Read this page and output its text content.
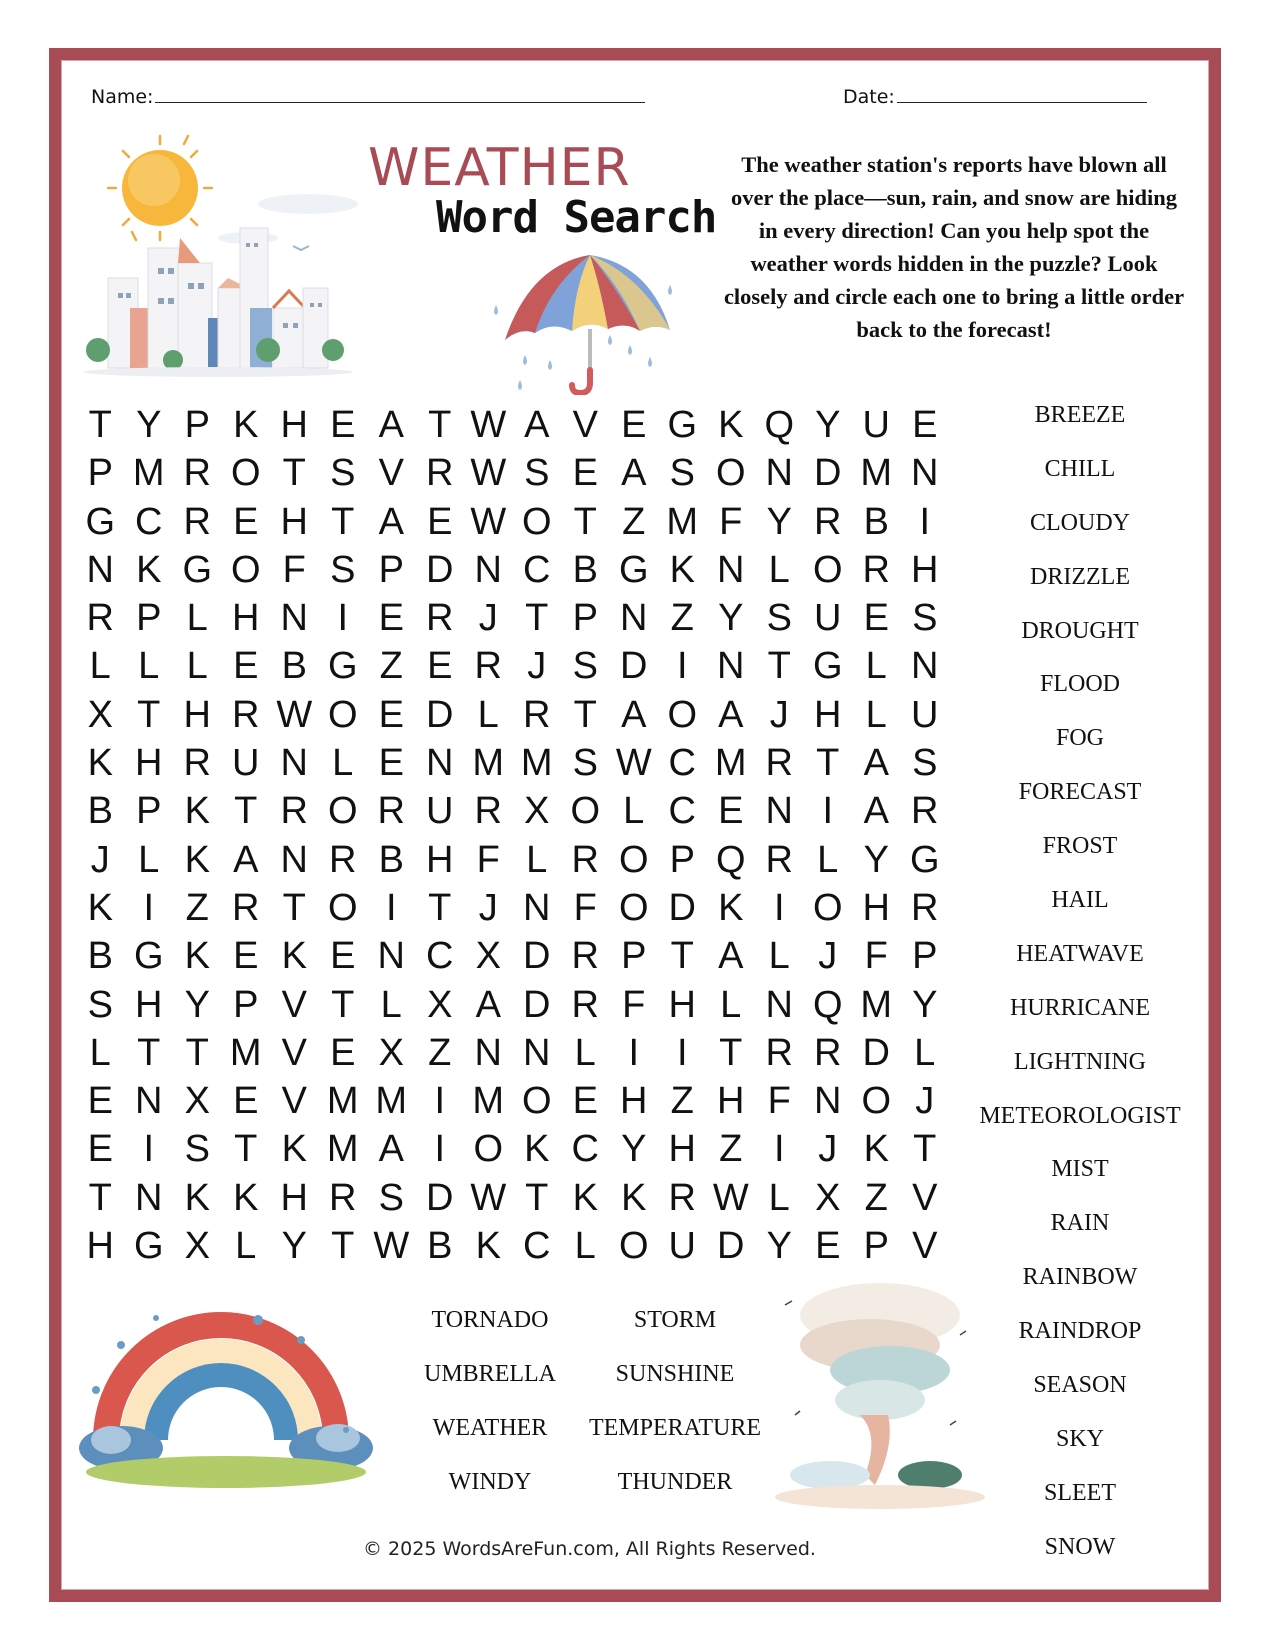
Name:	Date:
WEATHER
Word Search
The weather station's reports have blown all over the place—sun, rain, and snow are hiding in every direction! Can you help spot the weather words hidden in the puzzle? Look closely and circle each one to bring a little order back to the forecast!
T Y P K H E A T W A V E G K Q Y U E
P M R O T S V R W S E A S O N D M N
G C R E H T A E W O T Z M F Y R B I
N K G O F S P D N C B G K N L O R H
R P L H N I E R J T P N Z Y S U E S
L L L E B G Z E R J S D I N T G L N
X T H R W O E D L R T A O A J H L U
K H R U N L E N M M S W C M R T A S
B P K T R O R U R X O L C E N I A R
J L K A N R B H F L R O P Q R L Y G
K I Z R T O I T J N F O D K I O H R
B G K E K E N C X D R P T A L J F P
S H Y P V T L X A D R F H L N Q M Y
L T T M V E X Z N N L I I T R R D L
E N X E V M M I M O E H Z H F N O J
E I S T K M A I O K C Y H Z I J K T
T N K K H R S D W T K K R W L X Z V
H G X L Y T W B K C L O U D Y E P V
BREEZE
CHILL
CLOUDY
DRIZZLE
DROUGHT
FLOOD
FOG
FORECAST
FROST
HAIL
HEATWAVE
HURRICANE
LIGHTNING
METEOROLOGIST
MIST
RAIN
RAINBOW
RAINDROP
SEASON
SKY
SLEET
SNOW
TORNADO	STORM
UMBRELLA	SUNSHINE
WEATHER	TEMPERATURE
WINDY	THUNDER
© 2025 WordsAreFun.com, All Rights Reserved.
